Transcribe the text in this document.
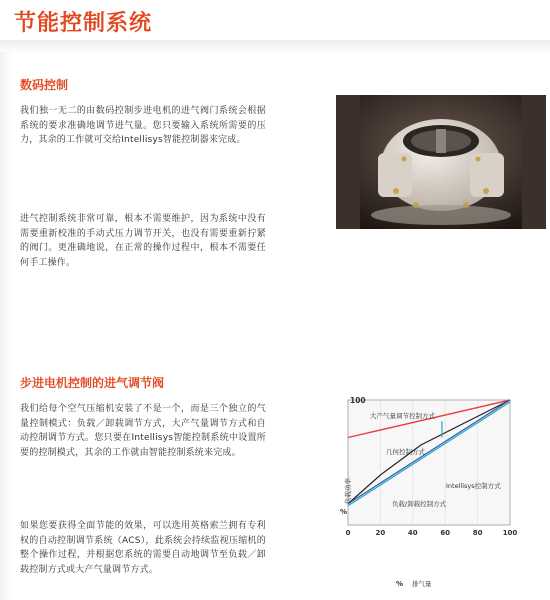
节能控制系统
数码控制

我们独一无二的由数码控制步进电机的进气阀门系统会根据系统的要求准确地调节进气量。您只要输入系统所需要的压力，其余的工作就可交给Intellisys智能控制器来完成。

进气控制系统非常可靠，根本不需要维护，因为系统中没有需要重新校准的手动式压力调节开关，也没有需要重新拧紧的阀门。更准确地说，在正常的操作过程中，根本不需要任何手工操作。

步进电机控制的进气调节阀

我们给每个空气压缩机安装了不是一个，而是三个独立的气量控制模式：负载／卸载调节方式，大产气量调节方式和自动控制调节方式。您只要在Intellisys智能控制系统中设置所要的控制模式，其余的工作就由智能控制系统来完成。

如果您要获得全面节能的效果，可以选用英格索兰拥有专利权的自动控制调节系统（ACS），此系统会持续监视压缩机的整个操作过程，并根据您系统的需要自动地调节至负载／卸载控制方式或大产气量调节方式。

0	20	40	60	80	100
100
%
负载功率
% 排气量
大产气量调节控制方式
几何控制方式
Intellisys控制方式
负载/卸载控制方式
